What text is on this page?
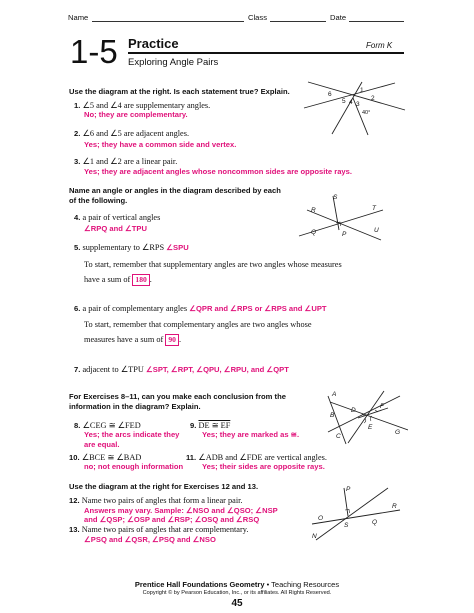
Name	Class	Date
1-5 Practice	Form K
Exploring Angle Pairs
Use the diagram at the right. Is each statement true? Explain.
1. ∠5 and ∠4 are supplementary angles.
No; they are complementary.
2. ∠6 and ∠5 are adjacent angles.
Yes; they have a common side and vertex.
3. ∠1 and ∠2 are a linear pair.
Yes; they are adjacent angles whose noncommon sides are opposite rays.
6
1
2
5 4 3
40°
Name an angle or angles in the diagram described by each
of the following.
4. a pair of vertical angles
∠RPQ and ∠TPU
5. supplementary to ∠RPS ∠SPU
To start, remember that supplementary angles are two angles whose measures
have a sum of 180 .
S
R	T
Q	P
U
6. a pair of complementary angles ∠QPR and ∠RPS or ∠RPS and ∠UPT
To start, remember that complementary angles are two angles whose
measures have a sum of 90 .
7. adjacent to ∠TPU ∠SPT, ∠RPT, ∠QPU, ∠RPU, and ∠QPT
For Exercises 8–11, can you make each conclusion from the
information in the diagram? Explain.
8. ∠CEG ≅ ∠FED
Yes; the arcs indicate they
are equal.
9. DE ≅ EF
Yes; they are marked as ≅.
10. ∠BCE ≅ ∠BAD
no; not enough information
11. ∠ADB and ∠FDE are vertical angles.
Yes; their sides are opposite rays.
A
B
C
D
E
F
G
Use the diagram at the right for Exercises 12 and 13.
12. Name two pairs of angles that form a linear pair.
Answers may vary. Sample: ∠NSO and ∠QSO; ∠NSP
and ∠QSP; ∠OSP and ∠RSP; ∠OSQ and ∠RSQ
13. Name two pairs of angles that are complementary.
∠PSQ and ∠QSR, ∠PSQ and ∠NSO
P
O
R
S	Q
N
Prentice Hall Foundations Geometry • Teaching Resources
Copyright © by Pearson Education, Inc., or its affiliates. All Rights Reserved.
45
